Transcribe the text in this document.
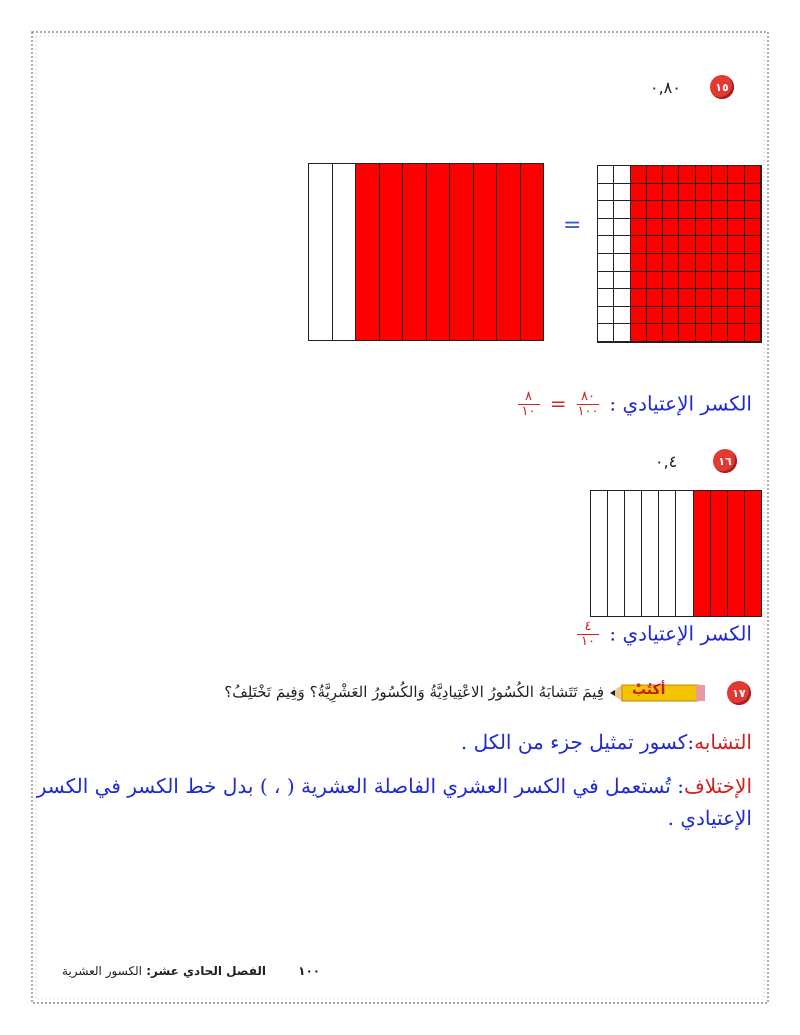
١٥
٠,٨٠
=
الكسر الإعتيادي :
$\frac{٨٠}{١٠٠}$
=
$\frac{٨}{١٠}$
١٦
٠,٤
الكسر الإعتيادي :
$\frac{٤}{١٠}$
١٧
أكتُبْ
فِيمَ تَتَشابَهُ الكُسُورُ الاعْتِيادِيَّةُ وَالكُسُورُ العَشْرِيَّةُ؟ وَفِيمَ تَخْتَلِفُ؟
التشابه:كسور تمثيل جزء من الكل .
الإختلاف: تُستعمل في الكسر العشري الفاصلة العشرية ( ، ) بدل خط الكسر في الكسر الإعتيادي .
١٠٠ الفصل الحادي عشر: الكسور العشرية
